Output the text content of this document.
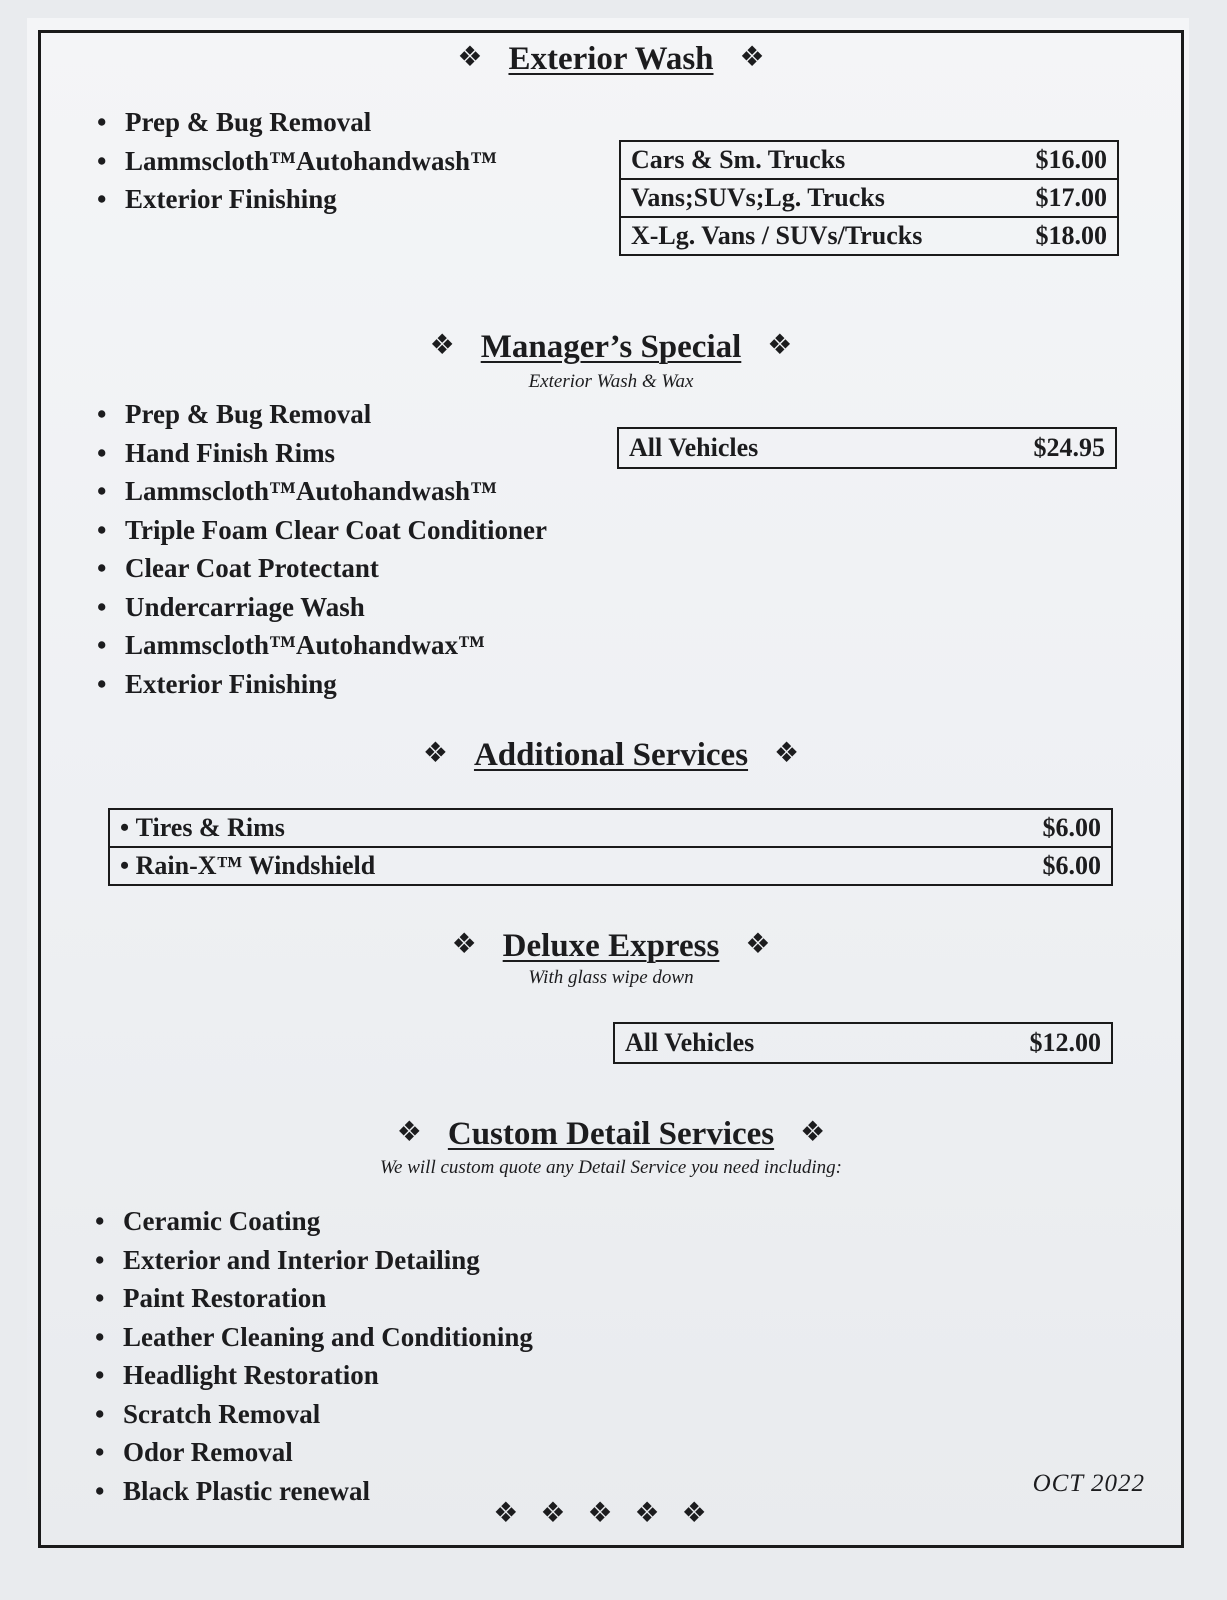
❖ Exterior Wash ❖
• Prep & Bug Removal
• Lammscloth™Autohandwash™
• Exterior Finishing
Cars & Sm. Trucks	$16.00
Vans;SUVs;Lg. Trucks	$17.00
X-Lg. Vans / SUVs/Trucks	$18.00
❖ Manager’s Special ❖
Exterior Wash & Wax
• Prep & Bug Removal
• Hand Finish Rims
• Lammscloth™Autohandwash™
• Triple Foam Clear Coat Conditioner
• Clear Coat Protectant
• Undercarriage Wash
• Lammscloth™Autohandwax™
• Exterior Finishing
All Vehicles	$24.95
❖ Additional Services ❖
• Tires & Rims	$6.00
• Rain-X™ Windshield	$6.00
❖ Deluxe Express ❖
With glass wipe down
All Vehicles	$12.00
❖ Custom Detail Services ❖
We will custom quote any Detail Service you need including:
• Ceramic Coating
• Exterior and Interior Detailing
• Paint Restoration
• Leather Cleaning and Conditioning
• Headlight Restoration
• Scratch Removal
• Odor Removal
• Black Plastic renewal
❖❖❖❖❖
OCT 2022
